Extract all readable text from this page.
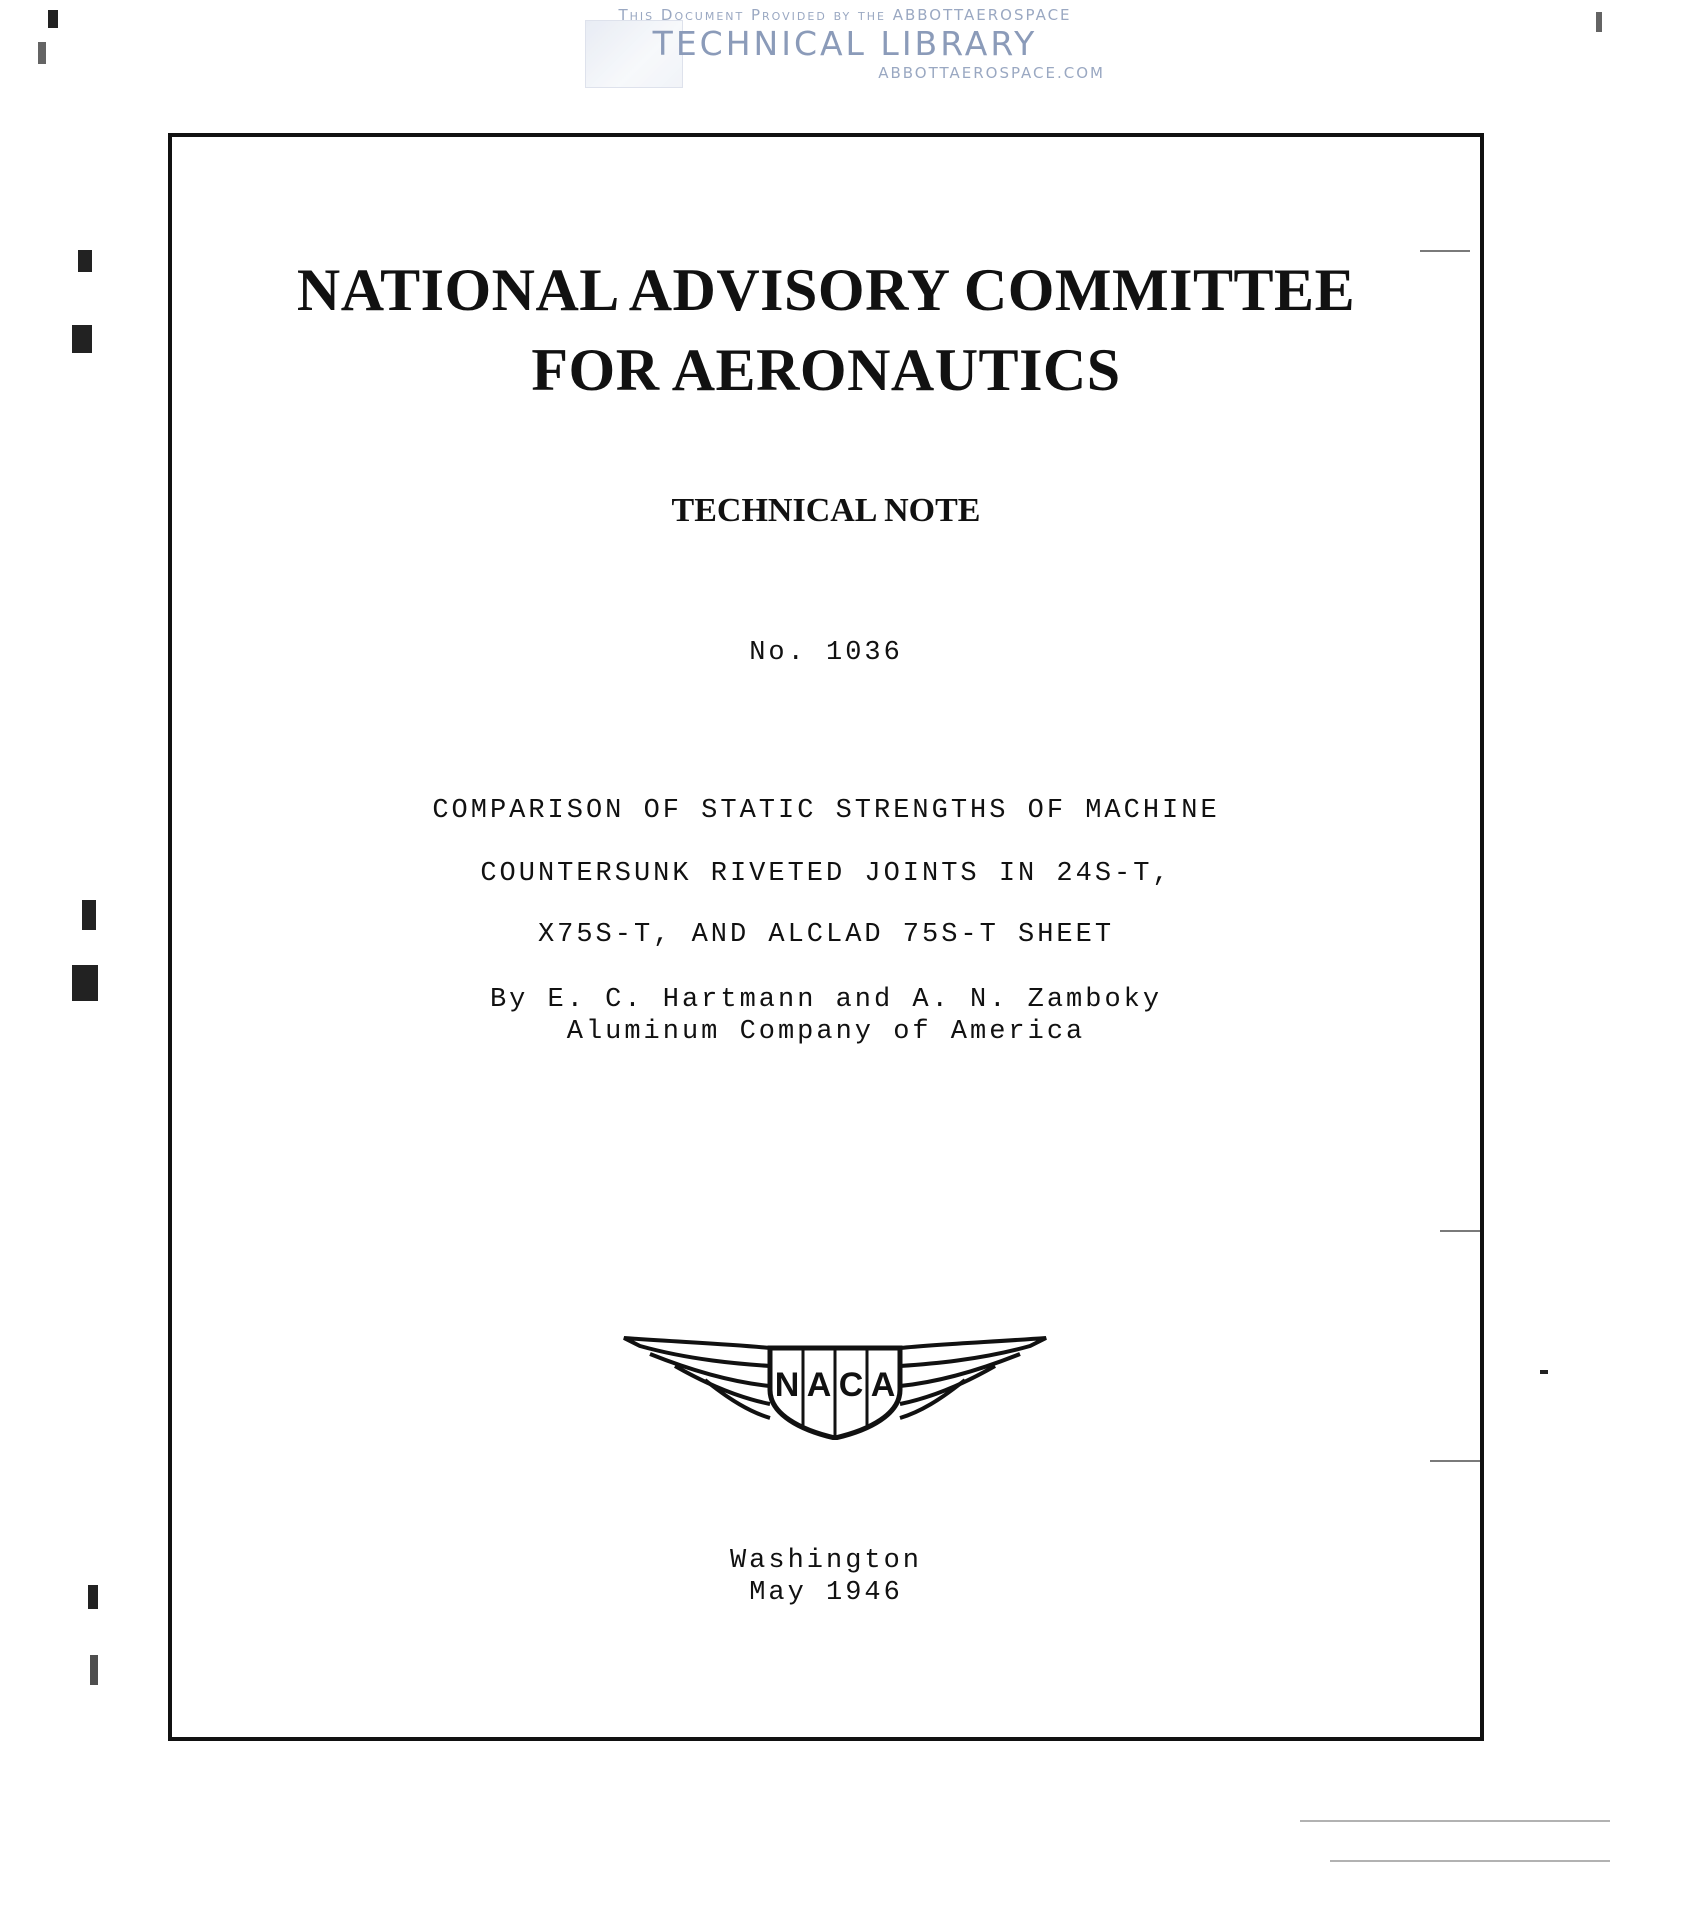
This Document Provided by the ABBOTTAEROSPACE
TECHNICAL LIBRARY
ABBOTTAEROSPACE.COM
NATIONAL ADVISORY COMMITTEE
FOR AERONAUTICS
TECHNICAL NOTE
No. 1036
COMPARISON OF STATIC STRENGTHS OF MACHINE
COUNTERSUNK RIVETED JOINTS IN 24S-T,
X75S-T, AND ALCLAD 75S-T SHEET
By E. C. Hartmann and A. N. Zamboky
Aluminum Company of America
N A C A
Washington
May 1946
